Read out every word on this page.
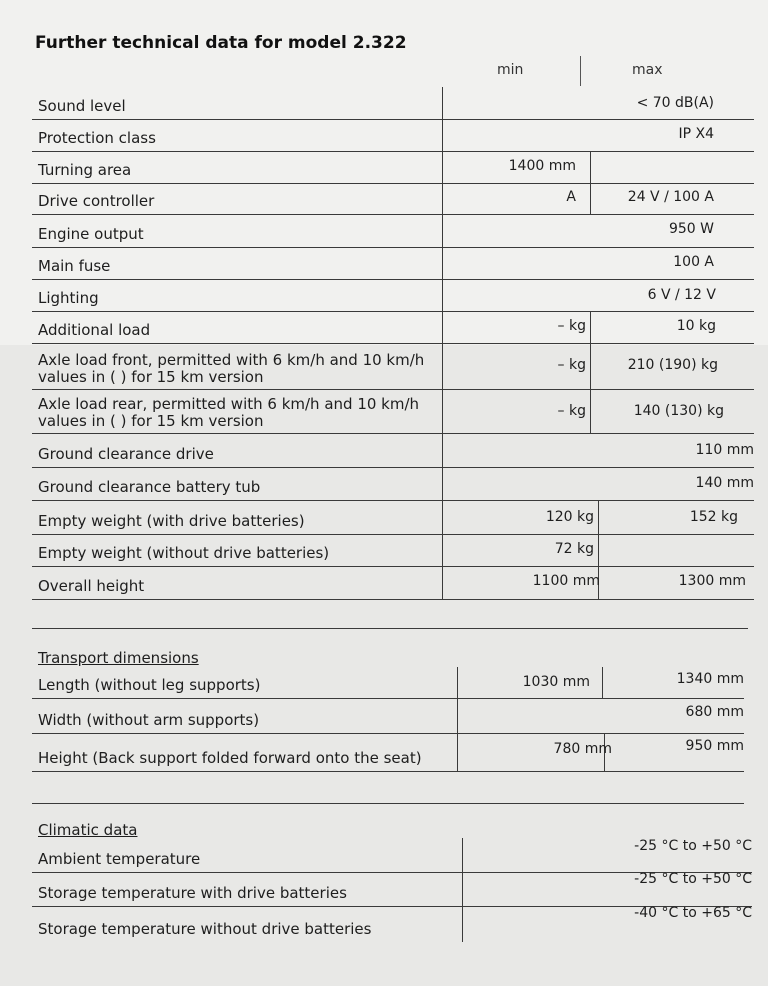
Further technical data for model 2.322
min	max
Sound level	< 70 dB(A)
Protection class	IP X4
Turning area	1400 mm
Drive controller	A	24 V / 100 A
Engine output	950 W
Main fuse	100 A
Lighting	6 V / 12 V
Additional load	– kg	10 kg
Axle load front, permitted with 6 km/h and 10 km/h
values in ( ) for 15 km version
– kg	210 (190) kg
Axle load rear, permitted with 6 km/h and 10 km/h
values in ( ) for 15 km version
– kg	140 (130) kg
Ground clearance drive	110 mm
Ground clearance battery tub	140 mm
Empty weight (with drive batteries)	120 kg	152 kg
Empty weight (without drive batteries)	72 kg
Overall height	1100 mm	1300 mm
Transport dimensions
Length (without leg supports)	1030 mm	1340 mm
Width (without arm supports)	680 mm
Height (Back support folded forward onto the seat)	780 mm	950 mm
Climatic data
Ambient temperature
-25 °C to +50 °C
Storage temperature with drive batteries
-25 °C to +50 °C
Storage temperature without drive batteries
-40 °C to +65 °C
